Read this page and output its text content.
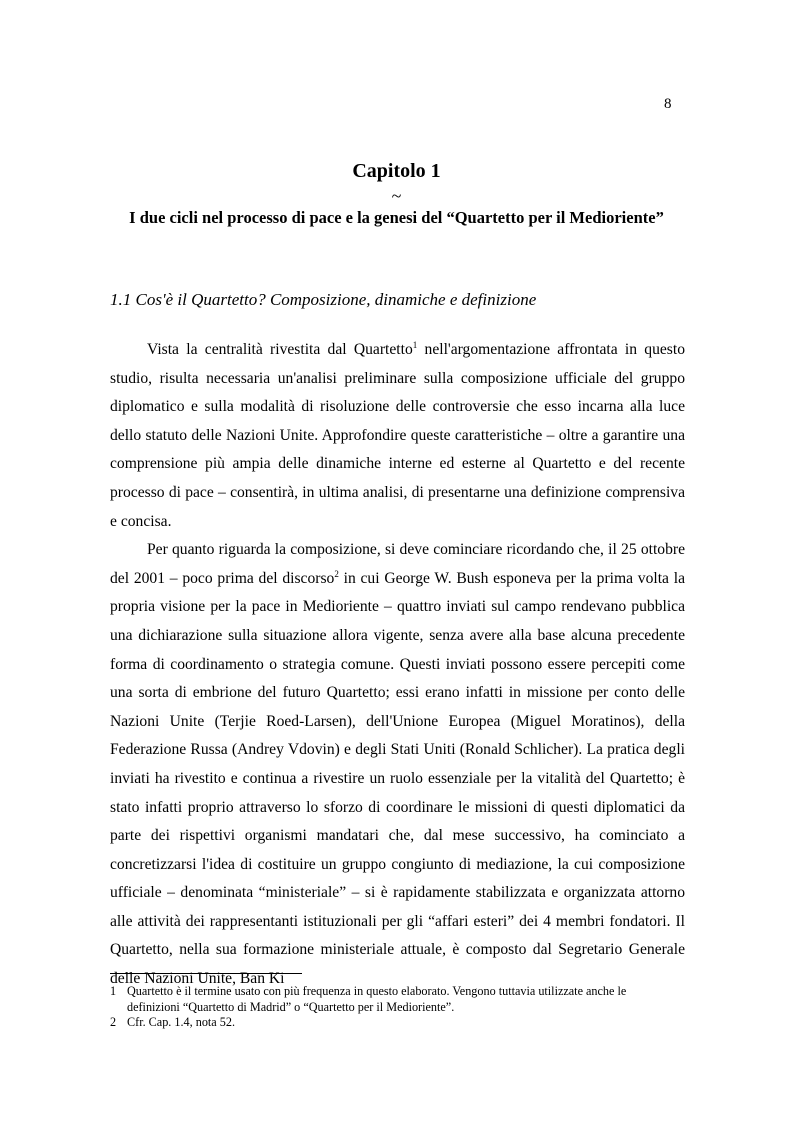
8
Capitolo 1
~
I due cicli nel processo di pace e la genesi del “Quartetto per il Medioriente”
1.1 Cos'è il Quartetto? Composizione, dinamiche e definizione

Vista la centralità rivestita dal Quartetto$^1$ nell'argomentazione affrontata in questo studio, risulta necessaria un'analisi preliminare sulla composizione ufficiale del gruppo diplomatico e sulla modalità di risoluzione delle controversie che esso incarna alla luce dello statuto delle Nazioni Unite. Approfondire queste caratteristiche – oltre a garantire una comprensione più ampia delle dinamiche interne ed esterne al Quartetto e del recente processo di pace – consentirà, in ultima analisi, di presentarne una definizione comprensiva e concisa.

Per quanto riguarda la composizione, si deve cominciare ricordando che, il 25 ottobre del 2001 – poco prima del discorso$^2$ in cui George W. Bush esponeva per la prima volta la propria visione per la pace in Medioriente – quattro inviati sul campo rendevano pubblica una dichiarazione sulla situazione allora vigente, senza avere alla base alcuna precedente forma di coordinamento o strategia comune. Questi inviati possono essere percepiti come una sorta di embrione del futuro Quartetto; essi erano infatti in missione per conto delle Nazioni Unite (Terjie Roed-Larsen), dell'Unione Europea (Miguel Moratinos), della Federazione Russa (Andrey Vdovin) e degli Stati Uniti (Ronald Schlicher). La pratica degli inviati ha rivestito e continua a rivestire un ruolo essenziale per la vitalità del Quartetto; è stato infatti proprio attraverso lo sforzo di coordinare le missioni di questi diplomatici da parte dei rispettivi organismi mandatari che, dal mese successivo, ha cominciato a concretizzarsi l'idea di costituire un gruppo congiunto di mediazione, la cui composizione ufficiale – denominata “ministeriale” – si è rapidamente stabilizzata e organizzata attorno alle attività dei rappresentanti istituzionali per gli “affari esteri” dei 4 membri fondatori. Il Quartetto, nella sua formazione ministeriale attuale, è composto dal Segretario Generale delle Nazioni Unite, Ban Ki

1 Quartetto è il termine usato con più frequenza in questo elaborato. Vengono tuttavia utilizzate anche le definizioni “Quartetto di Madrid” o “Quartetto per il Medioriente”.
2 Cfr. Cap. 1.4, nota 52.
